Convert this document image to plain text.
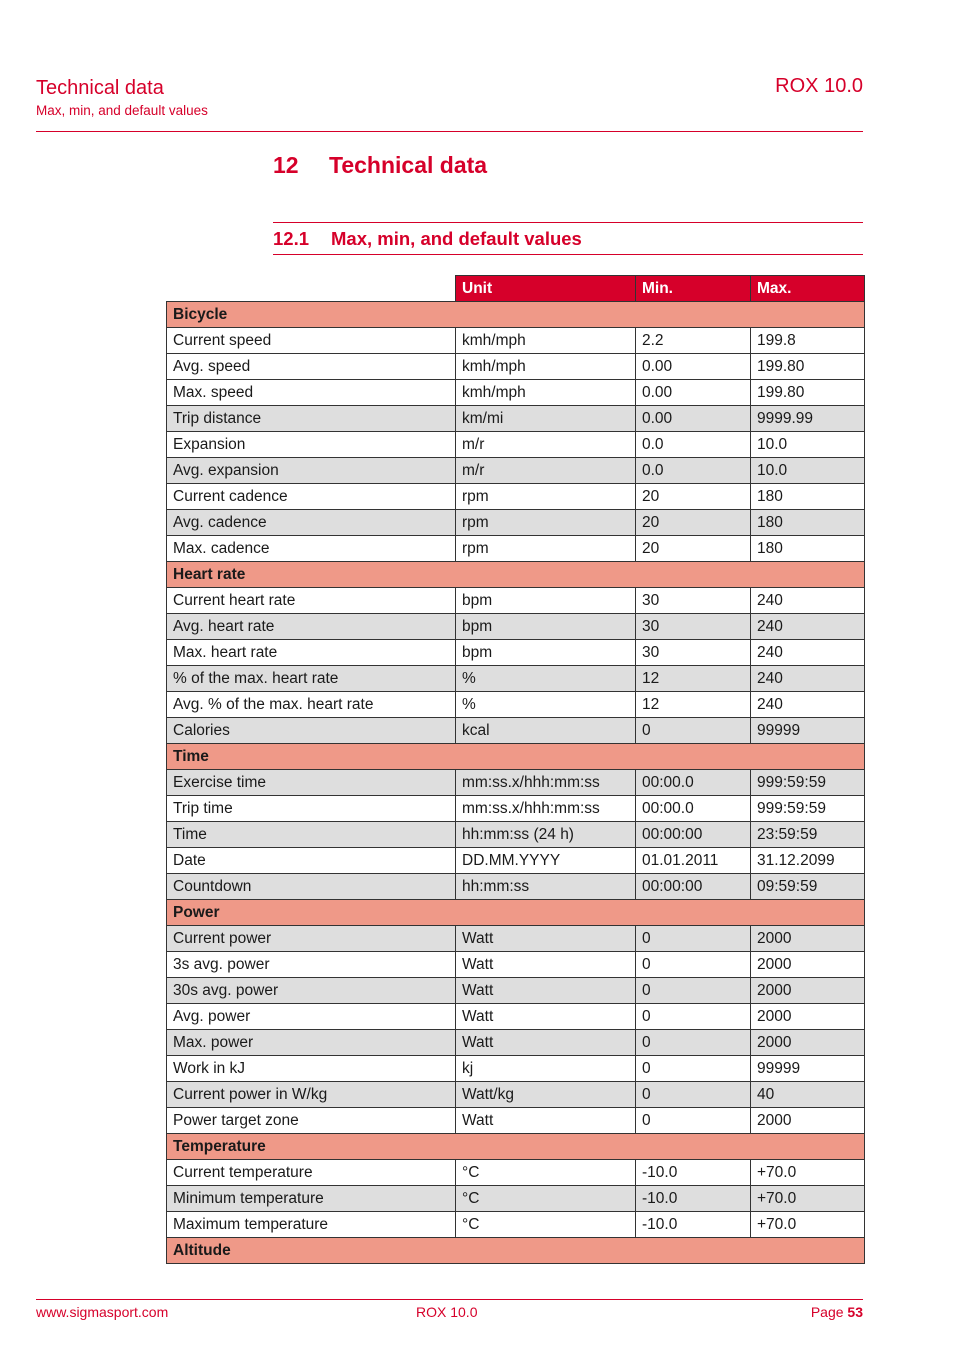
Technical data
Max, min, and default values
ROX 10.0
12 Technical data
12.1 Max, min, and default values
	Unit	Min.	Max.
Bicycle			
Current speed	kmh/mph	2.2	199.8
Avg. speed	kmh/mph	0.00	199.80
Max. speed	kmh/mph	0.00	199.80
Trip distance	km/mi	0.00	9999.99
Expansion	m/r	0.0	10.0
Avg. expansion	m/r	0.0	10.0
Current cadence	rpm	20	180
Avg. cadence	rpm	20	180
Max. cadence	rpm	20	180
Heart rate			
Current heart rate	bpm	30	240
Avg. heart rate	bpm	30	240
Max. heart rate	bpm	30	240
% of the max. heart rate	%	12	240
Avg. % of the max. heart rate	%	12	240
Calories	kcal	0	99999
Time			
Exercise time	mm:ss.x/hhh:mm:ss	00:00.0	999:59:59
Trip time	mm:ss.x/hhh:mm:ss	00:00.0	999:59:59
Time	hh:mm:ss (24 h)	00:00:00	23:59:59
Date	DD.MM.YYYY	01.01.2011	31.12.2099
Countdown	hh:mm:ss	00:00:00	09:59:59
Power			
Current power	Watt	0	2000
3s avg. power	Watt	0	2000
30s avg. power	Watt	0	2000
Avg. power	Watt	0	2000
Max. power	Watt	0	2000
Work in kJ	kj	0	99999
Current power in W/kg	Watt/kg	0	40
Power target zone	Watt	0	2000
Temperature			
Current temperature	°C	-10.0	+70.0
Minimum temperature	°C	-10.0	+70.0
Maximum temperature	°C	-10.0	+70.0
Altitude			
www.sigmasport.com	ROX 10.0	Page 53
